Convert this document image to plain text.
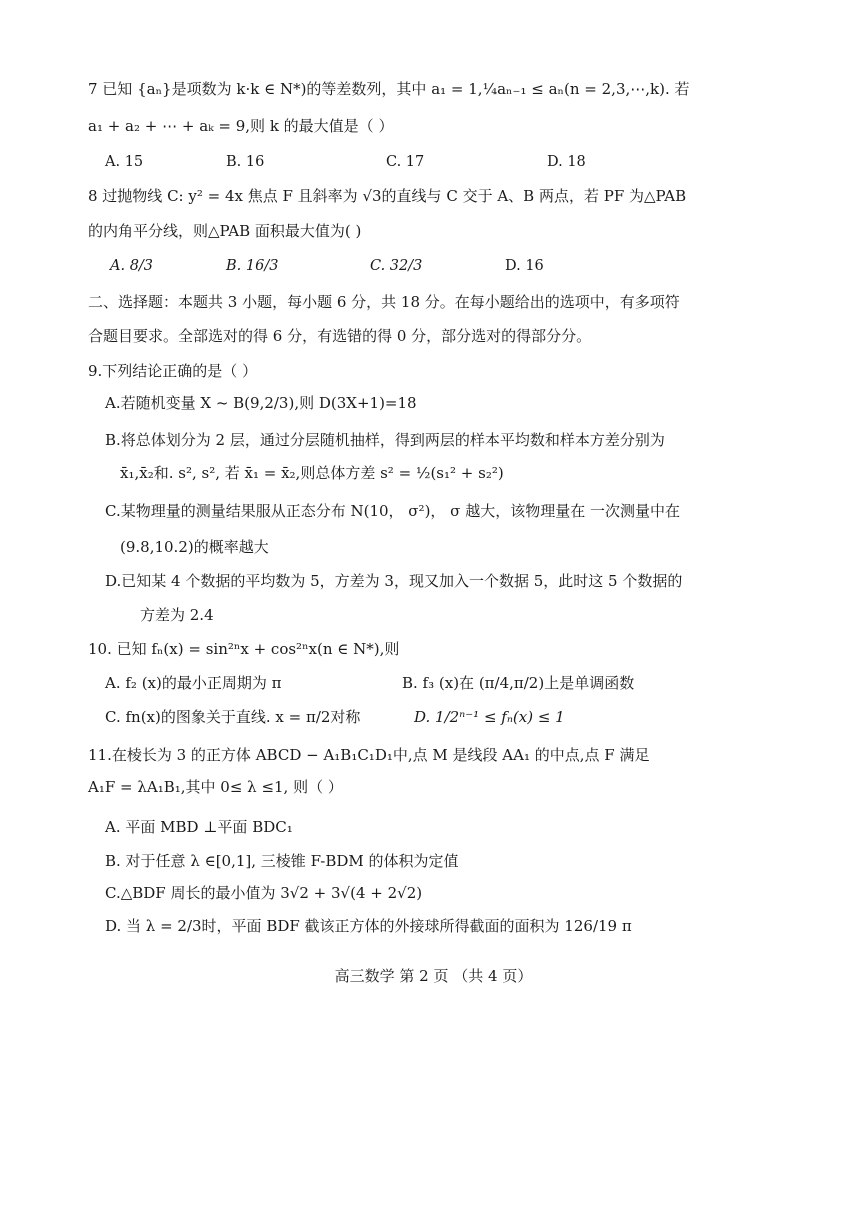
7 已知 {aₙ}是项数为 k·k ∈ N*)的等差数列，其中 a₁ = 1,¼aₙ₋₁ ≤ aₙ(n = 2,3,⋯,k). 若
a₁ + a₂ + ⋯ + aₖ = 9,则 k 的最大值是（ ）
A. 15	B. 16	C. 17	D. 18
8 过抛物线 C: y² = 4x 焦点 F 且斜率为 √3的直线与 C 交于 A、B 两点，若 PF 为△PAB
的内角平分线，则△PAB 面积最大值为( )
A. 8/3	B. 16/3	C. 32/3	D. 16
二、选择题：本题共 3 小题，每小题 6 分，共 18 分。在每小题给出的选项中，有多项符
合题目要求。全部选对的得 6 分，有选错的得 0 分，部分选对的得部分分。
9.下列结论正确的是（ ）
A.若随机变量 X ~ B(9,2/3),则 D(3X+1)=18
B.将总体划分为 2 层，通过分层随机抽样，得到两层的样本平均数和样本方差分别为
x̄₁,x̄₂和. s², s², 若 x̄₁ = x̄₂,则总体方差 s² = ½(s₁² + s₂²)
C.某物理量的测量结果服从正态分布 N(10， σ²)， σ 越大，该物理量在 一次测量中在
(9.8,10.2)的概率越大
D.已知某 4 个数据的平均数为 5，方差为 3，现又加入一个数据 5，此时这 5 个数据的
方差为 2.4
10. 已知 fₙ(x) = sin²ⁿx + cos²ⁿx(n ∈ N*),则
A. f₂ (x)的最小正周期为 π	B. f₃ (x)在 (π/4,π/2)上是单调函数
C. fn(x)的图象关于直线. x = π/2对称	D. 1/2ⁿ⁻¹ ≤ fₙ(x) ≤ 1
11.在棱长为 3 的正方体 ABCD − A₁B₁C₁D₁中,点 M 是线段 AA₁ 的中点,点 F 满足
A₁F = λA₁B₁,其中 0≤ λ ≤1, 则（ ）
A. 平面 MBD ⊥平面 BDC₁
B. 对于任意 λ ∈[0,1], 三棱锥 F-BDM 的体积为定值
C.△BDF 周长的最小值为 3√2 + 3√(4 + 2√2)
D. 当 λ = 2/3时，平面 BDF 截该正方体的外接球所得截面的面积为 126/19 π
高三数学 第 2 页 （共 4 页）
